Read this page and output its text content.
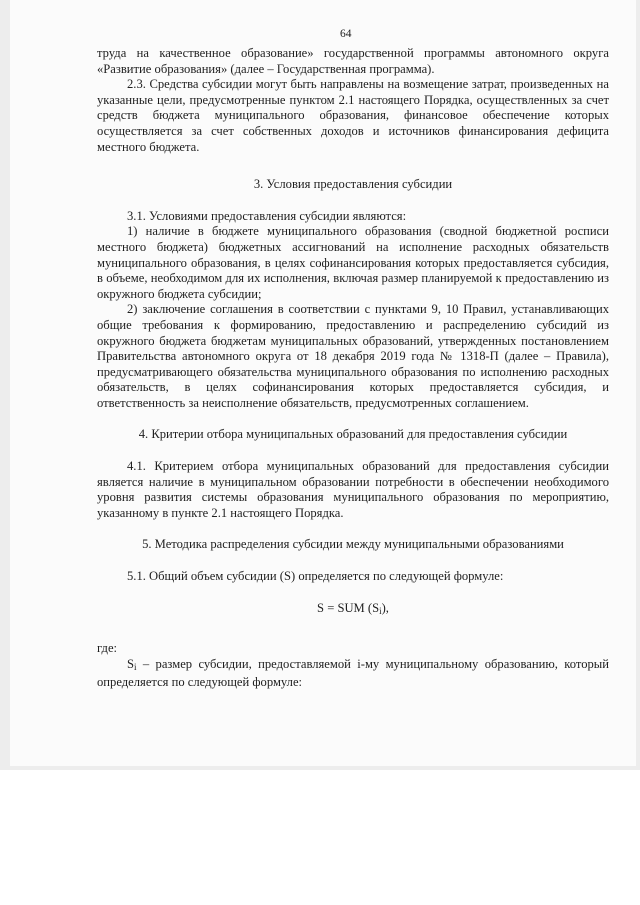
64

труда на качественное образование» государственной программы автономного округа «Развитие образования» (далее – Государственная программа).

2.3. Средства субсидии могут быть направлены на возмещение затрат, произведенных на указанные цели, предусмотренные пунктом 2.1 настоящего Порядка, осуществленных за счет средств бюджета муниципального образования, финансовое обеспечение которых осуществляется за счет собственных доходов и источников финансирования дефицита местного бюджета.

3. Условия предоставления субсидии

3.1. Условиями предоставления субсидии являются:

1) наличие в бюджете муниципального образования (сводной бюджетной росписи местного бюджета) бюджетных ассигнований на исполнение расходных обязательств муниципального образования, в целях софинансирования которых предоставляется субсидия, в объеме, необходимом для их исполнения, включая размер планируемой к предоставлению из окружного бюджета субсидии;

2) заключение соглашения в соответствии с пунктами 9, 10 Правил, устанавливающих общие требования к формированию, предоставлению и распределению субсидий из окружного бюджета бюджетам муниципальных образований, утвержденных постановлением Правительства автономного округа от 18 декабря 2019 года № 1318-П (далее – Правила), предусматривающего обязательства муниципального образования по исполнению расходных обязательств, в целях софинансирования которых предоставляется субсидия, и ответственность за неисполнение обязательств, предусмотренных соглашением.

4. Критерии отбора муниципальных образований для предоставления субсидии

4.1. Критерием отбора муниципальных образований для предоставления субсидии является наличие в муниципальном образовании потребности в обеспечении необходимого уровня развития системы образования муниципального образования по мероприятию, указанному в пункте 2.1 настоящего Порядка.

5. Методика распределения субсидии между муниципальными образованиями

5.1. Общий объем субсидии (S) определяется по следующей формуле:

S = SUM $(S_i)$,

где:

$S_i$ – размер субсидии, предоставляемой i-му муниципальному образованию, который определяется по следующей формуле:
